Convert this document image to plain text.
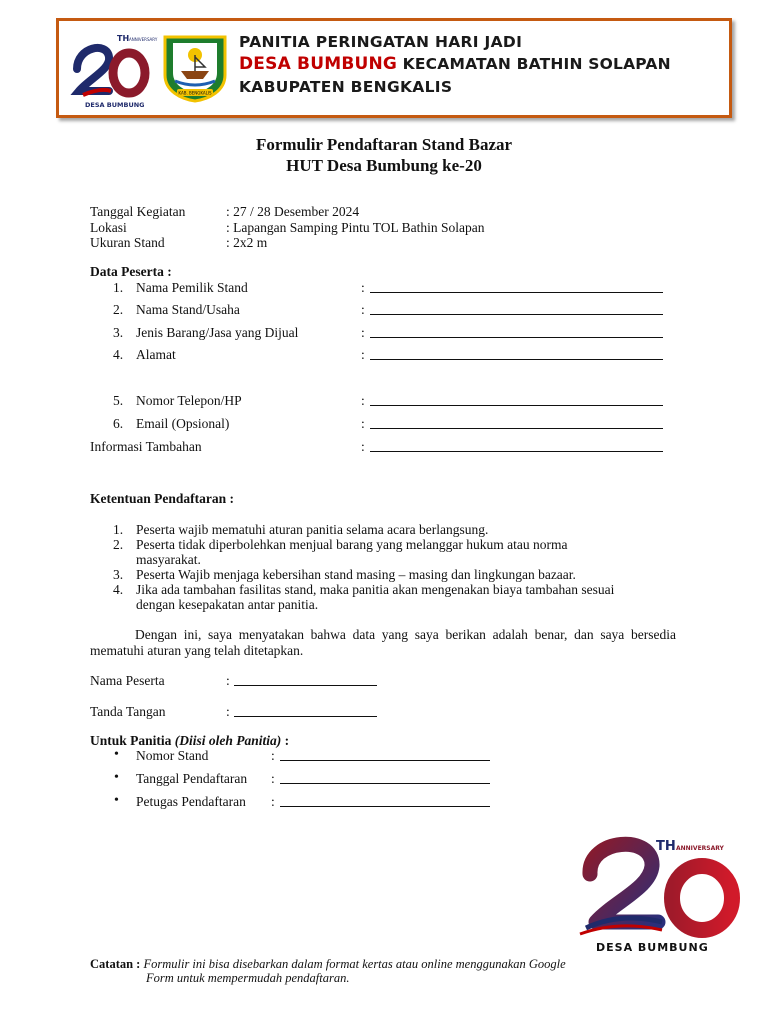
TH ANNIVERSARY
DESA BUMBUNG
KAB. BENGKALIS
PANITIA PERINGATAN HARI JADI
DESA BUMBUNG KECAMATAN BATHIN SOLAPAN
KABUPATEN BENGKALIS
Formulir Pendaftaran Stand Bazar
HUT Desa Bumbung ke-20
Tanggal Kegiatan	: 27 / 28 Desember 2024
Lokasi	: Lapangan Samping Pintu TOL Bathin Solapan
Ukuran Stand	: 2x2 m
Data Peserta :
1. Nama Pemilik Stand	:
2. Nama Stand/Usaha	:
3. Jenis Barang/Jasa yang Dijual	:
4. Alamat	:
5. Nomor Telepon/HP	:
6. Email (Opsional)	:
Informasi Tambahan	:
Ketentuan Pendaftaran :
1. Peserta wajib mematuhi aturan panitia selama acara berlangsung.
2. Peserta tidak diperbolehkan menjual barang yang melanggar hukum atau norma
masyarakat.
3. Peserta Wajib menjaga kebersihan stand masing – masing dan lingkungan bazaar.
4. Jika ada tambahan fasilitas stand, maka panitia akan mengenakan biaya tambahan sesuai
dengan kesepakatan antar panitia.
Dengan ini, saya menyatakan bahwa data yang saya berikan adalah benar, dan saya bersedia mematuhi aturan yang telah ditetapkan.
Nama Peserta	:
Tanda Tangan	:
Untuk Panitia (Diisi oleh Panitia) :
• Nomor Stand	:
• Tanggal Pendaftaran :
• Petugas Pendaftaran :
TH ANNIVERSARY
DESA BUMBUNG
Catatan : Formulir ini bisa disebarkan dalam format kertas atau online menggunakan Google
Form untuk mempermudah pendaftaran.
